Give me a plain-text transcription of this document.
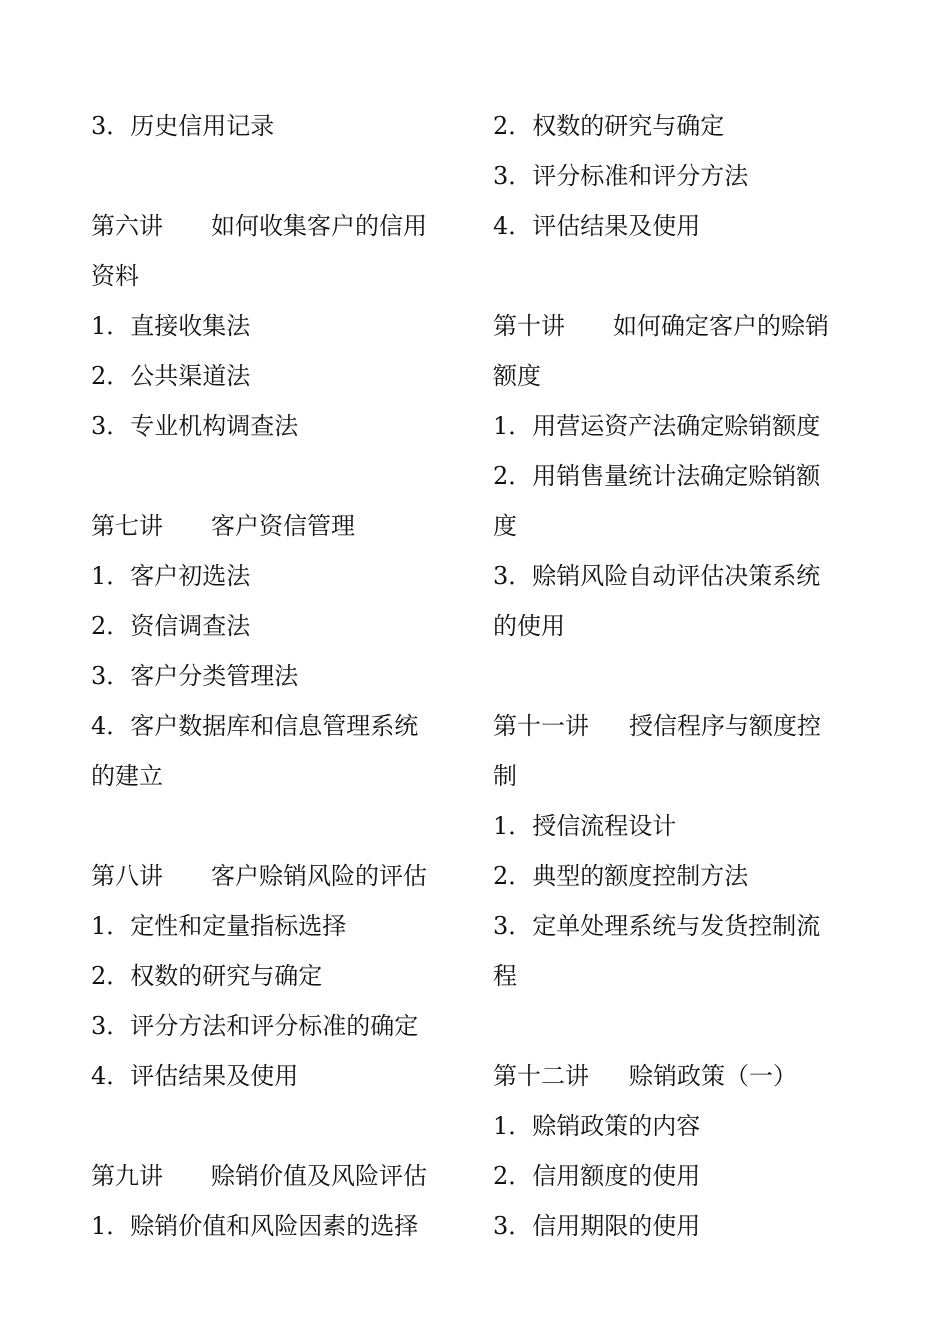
3．历史信用记录
第六讲 如何收集客户的信用
资料
1．直接收集法
2．公共渠道法
3．专业机构调查法
第七讲 客户资信管理
1．客户初选法
2．资信调查法
3．客户分类管理法
4．客户数据库和信息管理系统
的建立
第八讲 客户赊销风险的评估
1．定性和定量指标选择
2．权数的研究与确定
3．评分方法和评分标准的确定
4．评估结果及使用
第九讲 赊销价值及风险评估
1．赊销价值和风险因素的选择
2．权数的研究与确定
3．评分标准和评分方法
4．评估结果及使用
第十讲 如何确定客户的赊销
额度
1．用营运资产法确定赊销额度
2．用销售量统计法确定赊销额
度
3．赊销风险自动评估决策系统
的使用
第十一讲 授信程序与额度控
制
1．授信流程设计
2．典型的额度控制方法
3．定单处理系统与发货控制流
程
第十二讲 赊销政策（一）
1．赊销政策的内容
2．信用额度的使用
3．信用期限的使用
